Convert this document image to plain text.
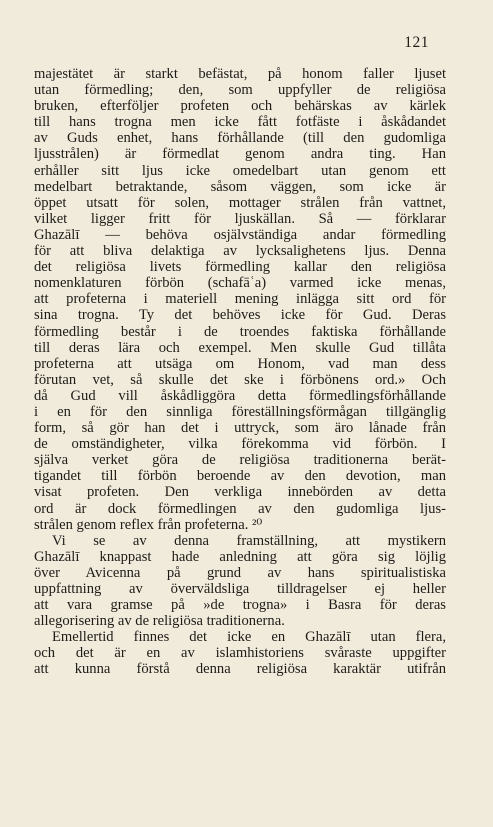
121
majestätet är starkt befästat, på honom faller ljuset
utan förmedling; den, som uppfyller de religiösa
bruken, efterföljer profeten och behärskas av kärlek
till hans trogna men icke fått fotfäste i åskådandet
av Guds enhet, hans förhållande (till den gudomliga
ljusstrålen) är förmedlat genom andra ting. Han
erhåller sitt ljus icke omedelbart utan genom ett
medelbart betraktande, såsom väggen, som icke är
öppet utsatt för solen, mottager strålen från vattnet,
vilket ligger fritt för ljuskällan. Så — förklarar
Ghazālī — behöva osjälvständiga andar förmedling
för att bliva delaktiga av lycksalighetens ljus. Denna
det religiösa livets förmedling kallar den religiösa
nomenklaturen förbön (schafāʿa) varmed icke menas,
att profeterna i materiell mening inlägga sitt ord för
sina trogna. Ty det behöves icke för Gud. Deras
förmedling består i de troendes faktiska förhållande
till deras lära och exempel. Men skulle Gud tillåta
profeterna att utsäga om Honom, vad man dess
förutan vet, så skulle det ske i förbönens ord.» Och
då Gud vill åskådliggöra detta förmedlingsförhållande
i en för den sinnliga föreställningsförmågan tillgänglig
form, så gör han det i uttryck, som äro lånade från
de omständigheter, vilka förekomma vid förbön. I
själva verket göra de religiösa traditionerna berät-
tigandet till förbön beroende av den devotion, man
visat profeten. Den verkliga innebörden av detta
ord är dock förmedlingen av den gudomliga ljus-
strålen genom reflex från profeterna. ²⁰
Vi se av denna framställning, att mystikern
Ghazālī knappast hade anledning att göra sig löjlig
över Avicenna på grund av hans spiritualistiska
uppfattning av överväldsliga tilldragelser ej heller
att vara gramse på »de trogna» i Basra för deras
allegorisering av de religiösa traditionerna.
Emellertid finnes det icke en Ghazālī utan flera,
och det är en av islamhistoriens svåraste uppgifter
att kunna förstå denna religiösa karaktär utifrån
